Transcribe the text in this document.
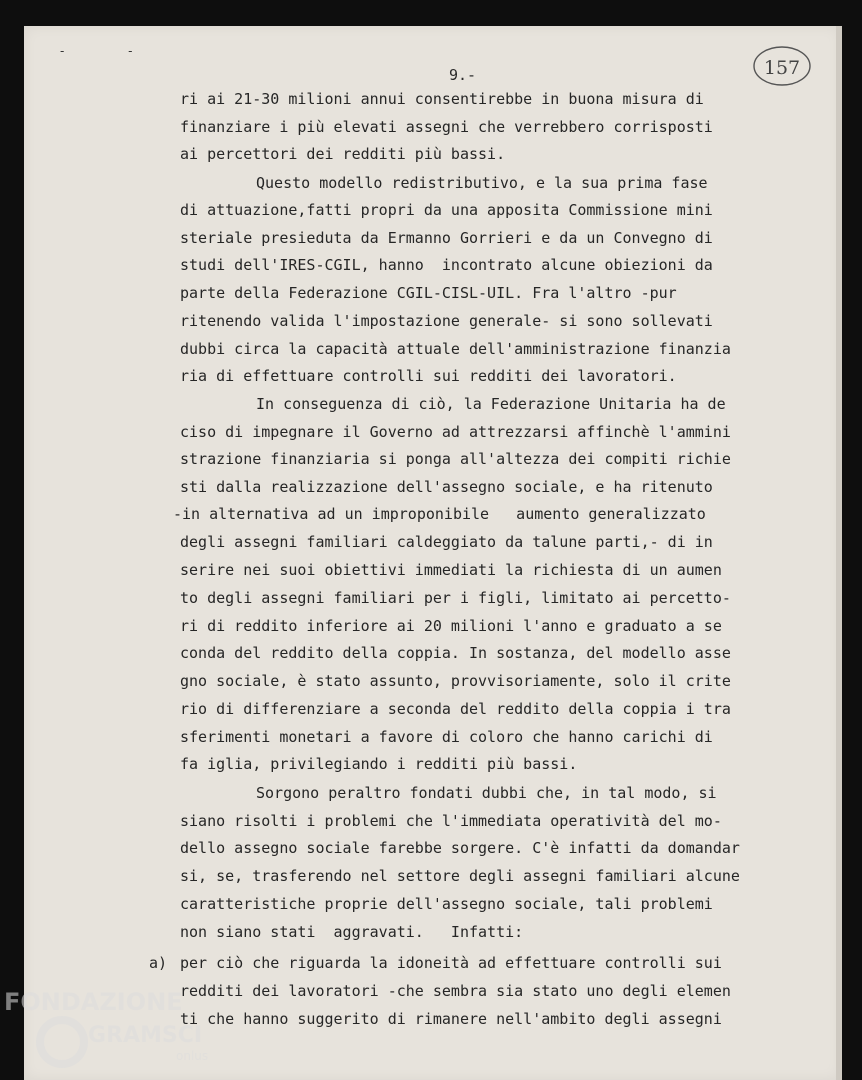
- -
9.-	157
ri ai 21-30 milioni annui consentirebbe in buona misura di
finanziare i più elevati assegni che verrebbero corrisposti
ai percettori dei redditi più bassi.
Questo modello redistributivo, e la sua prima fase
di attuazione,fatti propri da una apposita Commissione mini
steriale presieduta da Ermanno Gorrieri e da un Convegno di
studi dell'IRES-CGIL, hanno  incontrato alcune obiezioni da
parte della Federazione CGIL-CISL-UIL. Fra l'altro -pur
ritenendo valida l'impostazione generale- si sono sollevati
dubbi circa la capacità attuale dell'amministrazione finanzia
ria di effettuare controlli sui redditi dei lavoratori.
In conseguenza di ciò, la Federazione Unitaria ha de
ciso di impegnare il Governo ad attrezzarsi affinchè l'ammini
strazione finanziaria si ponga all'altezza dei compiti richie
sti dalla realizzazione dell'assegno sociale, e ha ritenuto
-in alternativa ad un improponibile   aumento generalizzato
degli assegni familiari caldeggiato da talune parti,- di in
serire nei suoi obiettivi immediati la richiesta di un aumen
to degli assegni familiari per i figli, limitato ai percetto-
ri di reddito inferiore ai 20 milioni l'anno e graduato a se
conda del reddito della coppia. In sostanza, del modello asse
gno sociale, è stato assunto, provvisoriamente, solo il crite
rio di differenziare a seconda del reddito della coppia i tra
sferimenti monetari a favore di coloro che hanno carichi di
fa iglia, privilegiando i redditi più bassi.
Sorgono peraltro fondati dubbi che, in tal modo, si
siano risolti i problemi che l'immediata operatività del mo-
dello assegno sociale farebbe sorgere. C'è infatti da domandar
si, se, trasferendo nel settore degli assegni familiari alcune
caratteristiche proprie dell'assegno sociale, tali problemi
non siano stati  aggravati.   Infatti:
per ciò che riguarda la idoneità ad effettuare controlli sui
redditi dei lavoratori -che sembra sia stato uno degli elemen
ti che hanno suggerito di rimanere nell'ambito degli assegni
a)
FONDAZIONE
GRAMSCI
onlus
